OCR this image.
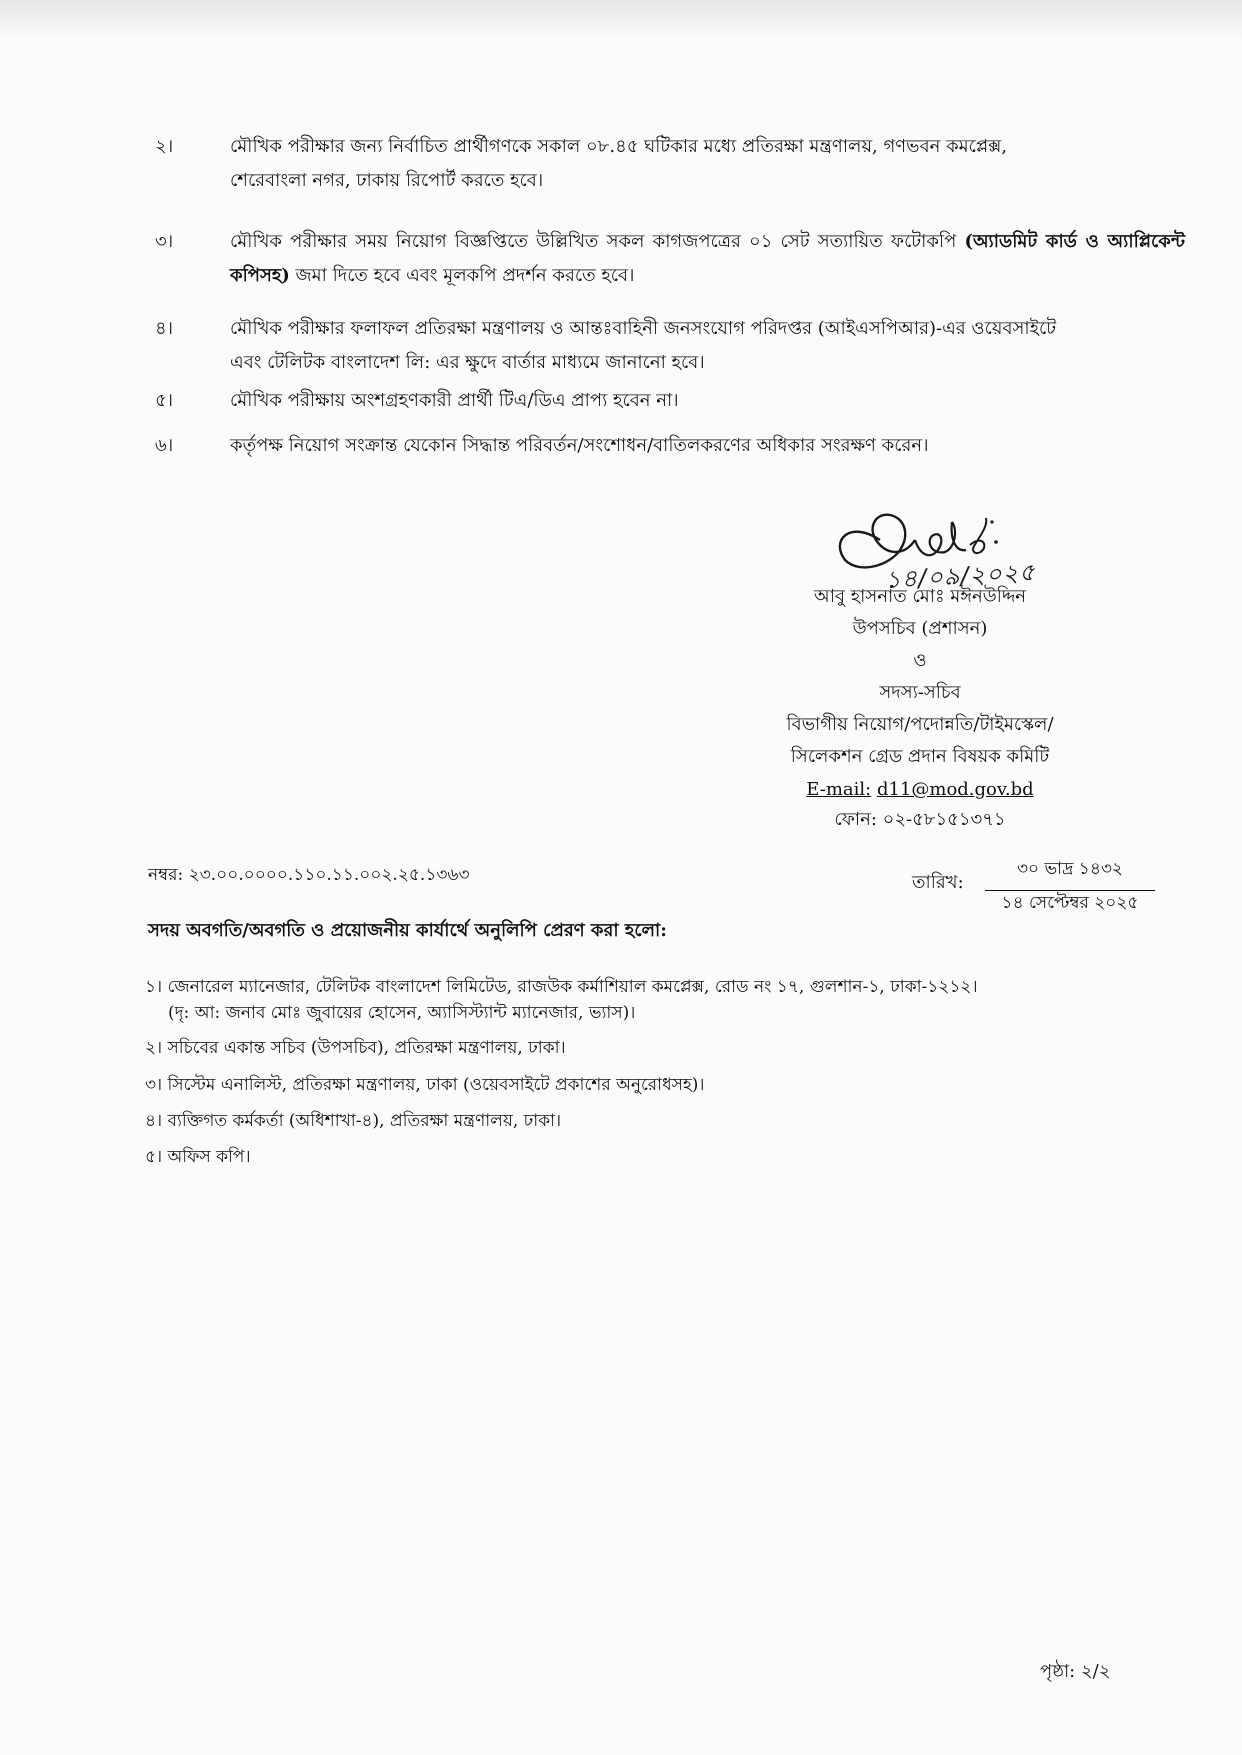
২।	মৌখিক পরীক্ষার জন্য নির্বাচিত প্রার্থীগণকে সকাল ০৮.৪৫ ঘটিকার মধ্যে প্রতিরক্ষা মন্ত্রণালয়, গণভবন কমপ্লেক্স,
শেরেবাংলা নগর, ঢাকায় রিপোর্ট করতে হবে।
৩।	মৌখিক পরীক্ষার সময় নিয়োগ বিজ্ঞপ্তিতে উল্লিখিত সকল কাগজপত্রের ০১ সেট সত্যায়িত ফটোকপি (অ্যাডমিট কার্ড ও অ্যাপ্লিকেন্ট কপিসহ) জমা দিতে হবে এবং মূলকপি প্রদর্শন করতে হবে।
৪।	মৌখিক পরীক্ষার ফলাফল প্রতিরক্ষা মন্ত্রণালয় ও আন্তঃবাহিনী জনসংযোগ পরিদপ্তর (আইএসপিআর)-এর ওয়েবসাইটে
এবং টেলিটক বাংলাদেশ লি: এর ক্ষুদে বার্তার মাধ্যমে জানানো হবে।
৫।	মৌখিক পরীক্ষায় অংশগ্রহণকারী প্রার্থী টিএ/ডিএ প্রাপ্য হবেন না।
৬।	কর্তৃপক্ষ নিয়োগ সংক্রান্ত যেকোন সিদ্ধান্ত পরিবর্তন/সংশোধন/বাতিলকরণের অধিকার সংরক্ষণ করেন।
১৪/০৯/২০২৫
আবু হাসনাত মোঃ মঈনউদ্দিন
উপসচিব (প্রশাসন)
ও
সদস্য-সচিব
বিভাগীয় নিয়োগ/পদোন্নতি/টাইমস্কেল/
সিলেকশন গ্রেড প্রদান বিষয়ক কমিটি
E-mail: d11@mod.gov.bd
ফোন: ০২-৫৮১৫১৩৭১
নম্বর: ২৩.০০.০০০০.১১০.১১.০০২.২৫.১৩৬৩	তারিখ:
৩০ ভাদ্র ১৪৩২
১৪ সেপ্টেম্বর ২০২৫
সদয় অবগতি/অবগতি ও প্রয়োজনীয় কার্যার্থে অনুলিপি প্রেরণ করা হলো:
১। জেনারেল ম্যানেজার, টেলিটক বাংলাদেশ লিমিটেড, রাজউক কর্মাশিয়াল কমপ্লেক্স, রোড নং ১৭, গুলশান-১, ঢাকা-১২১২।
(দৃ: আ: জনাব মোঃ জুবায়ের হোসেন, অ্যাসিস্ট্যান্ট ম্যানেজার, ভ্যাস)।
২। সচিবের একান্ত সচিব (উপসচিব), প্রতিরক্ষা মন্ত্রণালয়, ঢাকা।
৩। সিস্টেম এনালিস্ট, প্রতিরক্ষা মন্ত্রণালয়, ঢাকা (ওয়েবসাইটে প্রকাশের অনুরোধসহ)।
৪। ব্যক্তিগত কর্মকর্তা (অধিশাখা-৪), প্রতিরক্ষা মন্ত্রণালয়, ঢাকা।
৫। অফিস কপি।
পৃষ্ঠা: ২/২
